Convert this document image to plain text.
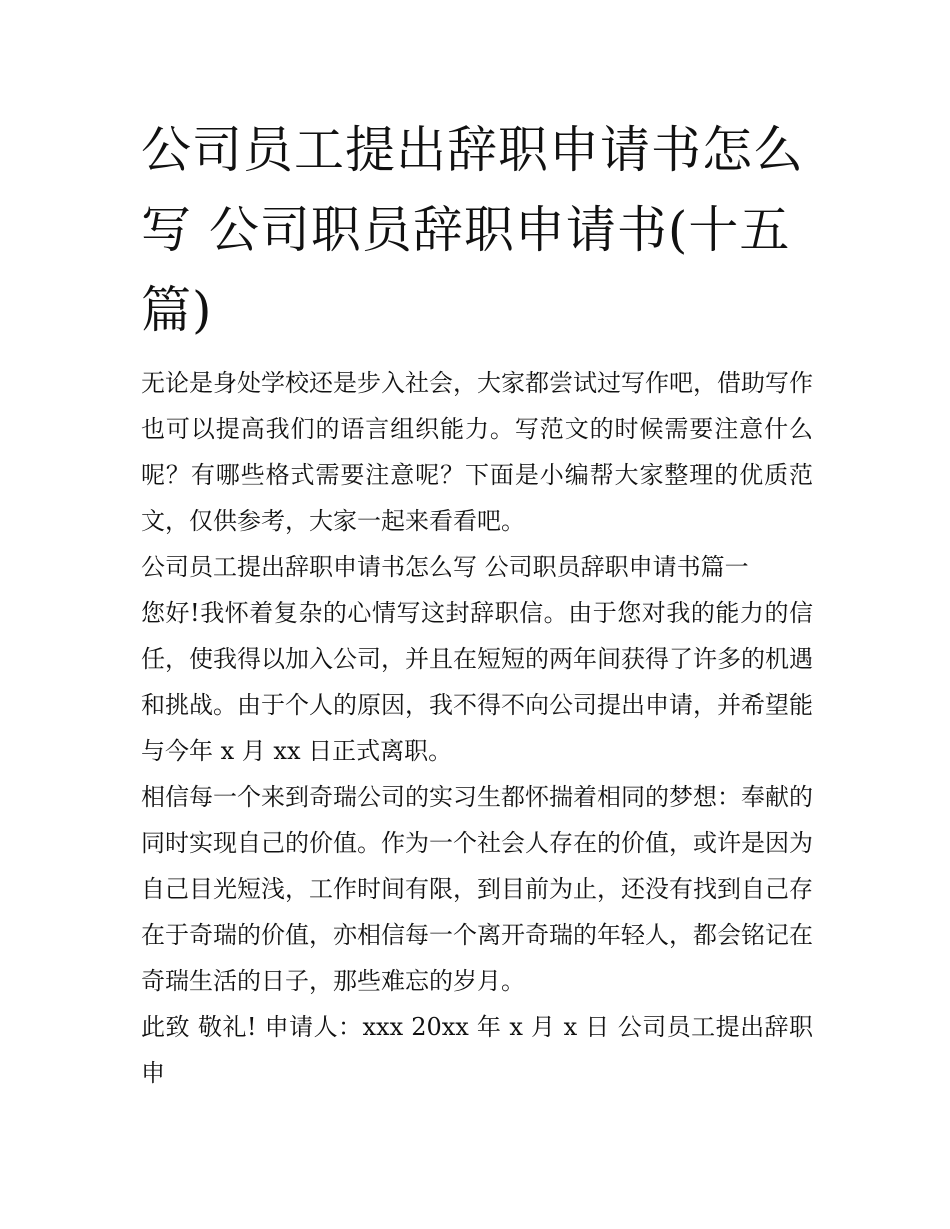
公司员工提出辞职申请书怎么写 公司职员辞职申请书(十五篇)

无论是身处学校还是步入社会，大家都尝试过写作吧，借助写作也可以提高我们的语言组织能力。写范文的时候需要注意什么呢？有哪些格式需要注意呢？下面是小编帮大家整理的优质范文，仅供参考，大家一起来看看吧。

公司员工提出辞职申请书怎么写 公司职员辞职申请书篇一

您好!我怀着复杂的心情写这封辞职信。由于您对我的能力的信任，使我得以加入公司，并且在短短的两年间获得了许多的机遇和挑战。由于个人的原因，我不得不向公司提出申请，并希望能与今年 x 月 xx 日正式离职。

相信每一个来到奇瑞公司的实习生都怀揣着相同的梦想：奉献的同时实现自己的价值。作为一个社会人存在的价值，或许是因为自己目光短浅，工作时间有限，到目前为止，还没有找到自己存在于奇瑞的价值，亦相信每一个离开奇瑞的年轻人，都会铭记在奇瑞生活的日子，那些难忘的岁月。

此致 敬礼! 申请人：xxx 20xx 年 x 月 x 日 公司员工提出辞职申
